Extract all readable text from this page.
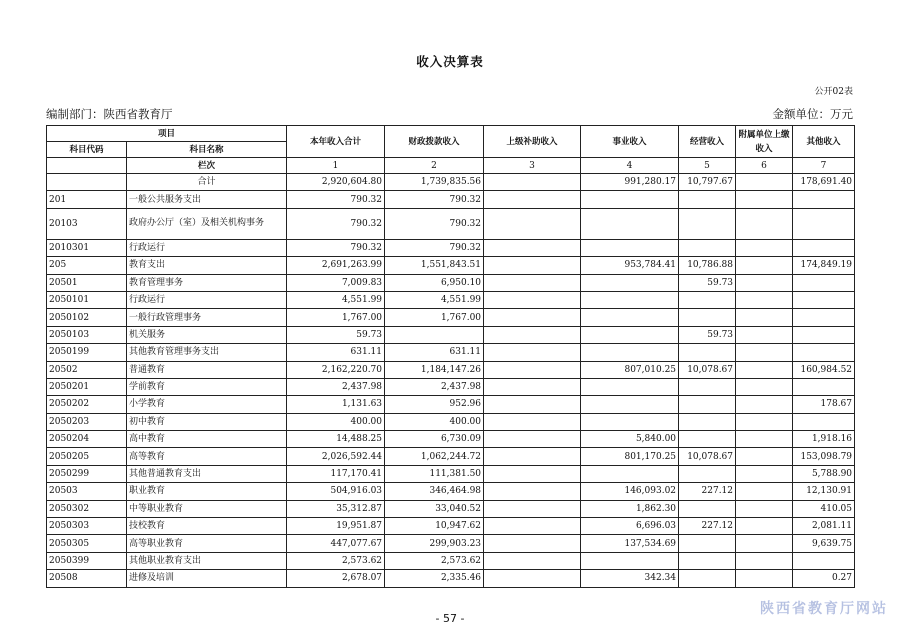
收入决算表
公开02表
编制部门：陕西省教育厅	金额单位：万元
项目		本年收入合计	财政拨款收入	上级补助收入	事业收入	经营收入	附属单位上缴收入	其他收入
科目代码	科目名称							
	栏次	1	2	3	4	5	6	7
	合计	2,920,604.80	1,739,835.56		991,280.17	10,797.67		178,691.40
201	一般公共服务支出	790.32	790.32					
20103	政府办公厅（室）及相关机构事务	790.32	790.32					
2010301	行政运行	790.32	790.32					
205	教育支出	2,691,263.99	1,551,843.51		953,784.41	10,786.88		174,849.19
20501	教育管理事务	7,009.83	6,950.10			59.73		
2050101	行政运行	4,551.99	4,551.99					
2050102	一般行政管理事务	1,767.00	1,767.00					
2050103	机关服务	59.73				59.73		
2050199	其他教育管理事务支出	631.11	631.11					
20502	普通教育	2,162,220.70	1,184,147.26		807,010.25	10,078.67		160,984.52
2050201	学前教育	2,437.98	2,437.98					
2050202	小学教育	1,131.63	952.96					178.67
2050203	初中教育	400.00	400.00					
2050204	高中教育	14,488.25	6,730.09		5,840.00			1,918.16
2050205	高等教育	2,026,592.44	1,062,244.72		801,170.25	10,078.67		153,098.79
2050299	其他普通教育支出	117,170.41	111,381.50					5,788.90
20503	职业教育	504,916.03	346,464.98		146,093.02	227.12		12,130.91
2050302	中等职业教育	35,312.87	33,040.52		1,862.30			410.05
2050303	技校教育	19,951.87	10,947.62		6,696.03	227.12		2,081.11
2050305	高等职业教育	447,077.67	299,903.23		137,534.69			9,639.75
2050399	其他职业教育支出	2,573.62	2,573.62					
20508	进修及培训	2,678.07	2,335.46		342.34			0.27
- 57 -
陕西省教育厅网站
